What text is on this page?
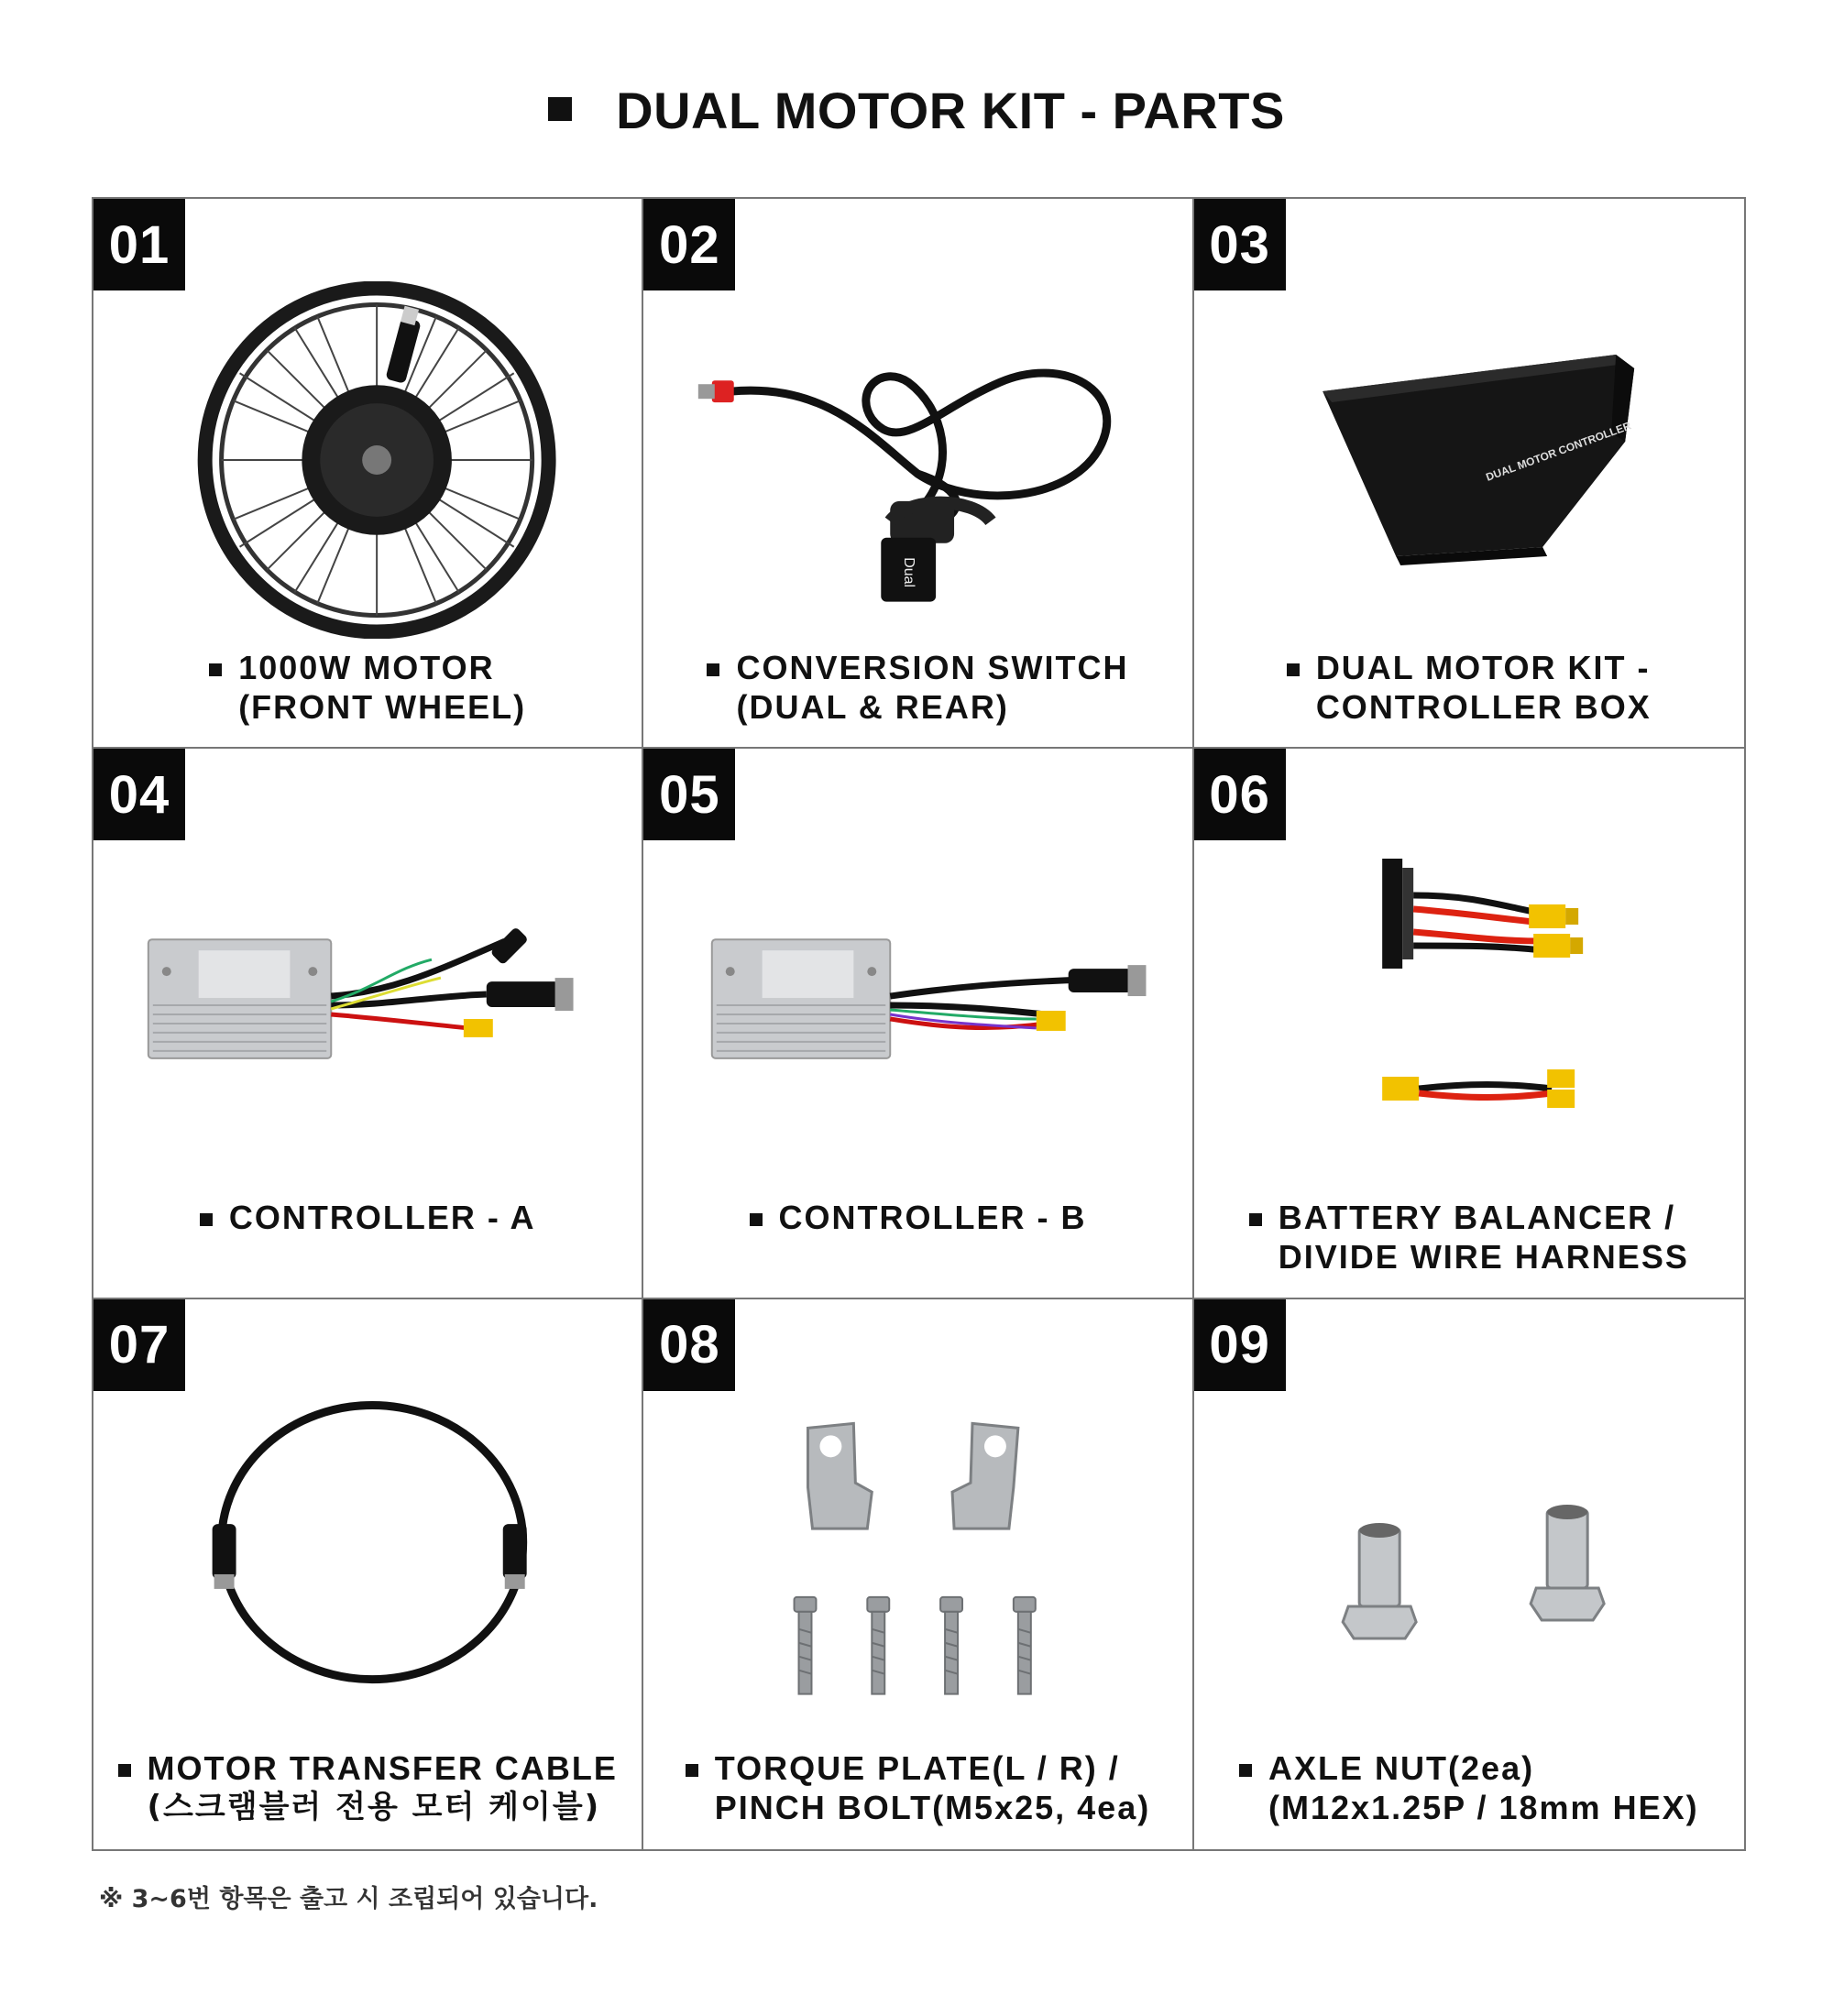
DUAL MOTOR KIT - PARTS
01
1000W MOTOR
(FRONT WHEEL)
02
Dual
CONVERSION SWITCH
(DUAL & REAR)
03
DUAL MOTOR CONTROLLER
DUAL MOTOR KIT -
CONTROLLER BOX
04
CONTROLLER - A
05
CONTROLLER - B
06
BATTERY BALANCER /
DIVIDE WIRE HARNESS
07
MOTOR TRANSFER CABLE
(스크램블러 전용 모터 케이블)
08
TORQUE PLATE(L / R) /
PINCH BOLT(M5x25, 4ea)
09
AXLE NUT(2ea)
(M12x1.25P / 18mm HEX)
※ 3~6번 항목은 출고 시 조립되어 있습니다.
